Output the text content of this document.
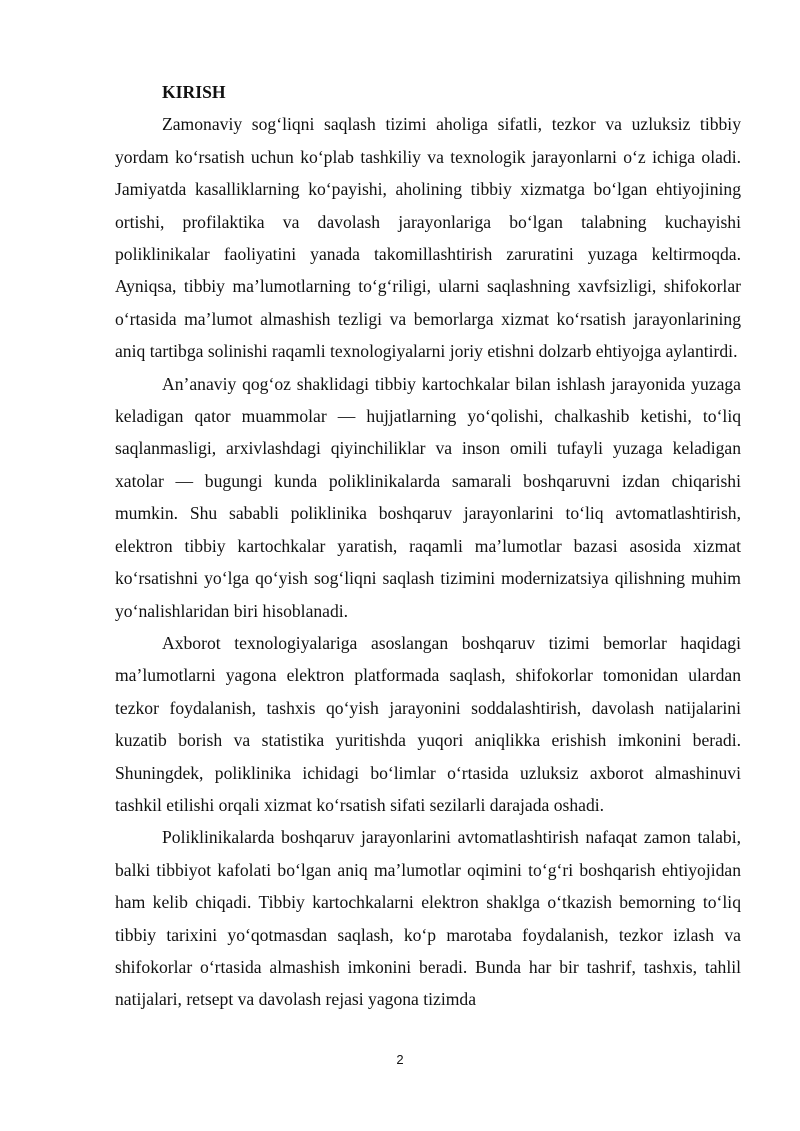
KIRISH

Zamonaviy sog‘liqni saqlash tizimi aholiga sifatli, tezkor va uzluksiz tibbiy yordam ko‘rsatish uchun ko‘plab tashkiliy va texnologik jarayonlarni o‘z ichiga oladi. Jamiyatda kasalliklarning ko‘payishi, aholining tibbiy xizmatga bo‘lgan ehtiyojining ortishi, profilaktika va davolash jarayonlariga bo‘lgan talabning kuchayishi poliklinikalar faoliyatini yanada takomillashtirish zaruratini yuzaga keltirmoqda. Ayniqsa, tibbiy ma’lumotlarning to‘g‘riligi, ularni saqlashning xavfsizligi, shifokorlar o‘rtasida ma’lumot almashish tezligi va bemorlarga xizmat ko‘rsatish jarayonlarining aniq tartibga solinishi raqamli texnologiyalarni joriy etishni dolzarb ehtiyojga aylantirdi.

An’anaviy qog‘oz shaklidagi tibbiy kartochkalar bilan ishlash jarayonida yuzaga keladigan qator muammolar — hujjatlarning yo‘qolishi, chalkashib ketishi, to‘liq saqlanmasligi, arxivlashdagi qiyinchiliklar va inson omili tufayli yuzaga keladigan xatolar — bugungi kunda poliklinikalarda samarali boshqaruvni izdan chiqarishi mumkin. Shu sababli poliklinika boshqaruv jarayonlarini to‘liq avtomatlashtirish, elektron tibbiy kartochkalar yaratish, raqamli ma’lumotlar bazasi asosida xizmat ko‘rsatishni yo‘lga qo‘yish sog‘liqni saqlash tizimini modernizatsiya qilishning muhim yo‘nalishlaridan biri hisoblanadi.

Axborot texnologiyalariga asoslangan boshqaruv tizimi bemorlar haqidagi ma’lumotlarni yagona elektron platformada saqlash, shifokorlar tomonidan ulardan tezkor foydalanish, tashxis qo‘yish jarayonini soddalashtirish, davolash natijalarini kuzatib borish va statistika yuritishda yuqori aniqlikka erishish imkonini beradi. Shuningdek, poliklinika ichidagi bo‘limlar o‘rtasida uzluksiz axborot almashinuvi tashkil etilishi orqali xizmat ko‘rsatish sifati sezilarli darajada oshadi.

Poliklinikalarda boshqaruv jarayonlarini avtomatlashtirish nafaqat zamon talabi, balki tibbiyot kafolati bo‘lgan aniq ma’lumotlar oqimini to‘g‘ri boshqarish ehtiyojidan ham kelib chiqadi. Tibbiy kartochkalarni elektron shaklga o‘tkazish bemorning to‘liq tibbiy tarixini yo‘qotmasdan saqlash, ko‘p marotaba foydalanish, tezkor izlash va shifokorlar o‘rtasida almashish imkonini beradi. Bunda har bir tashrif, tashxis, tahlil natijalari, retsept va davolash rejasi yagona tizimda

2
